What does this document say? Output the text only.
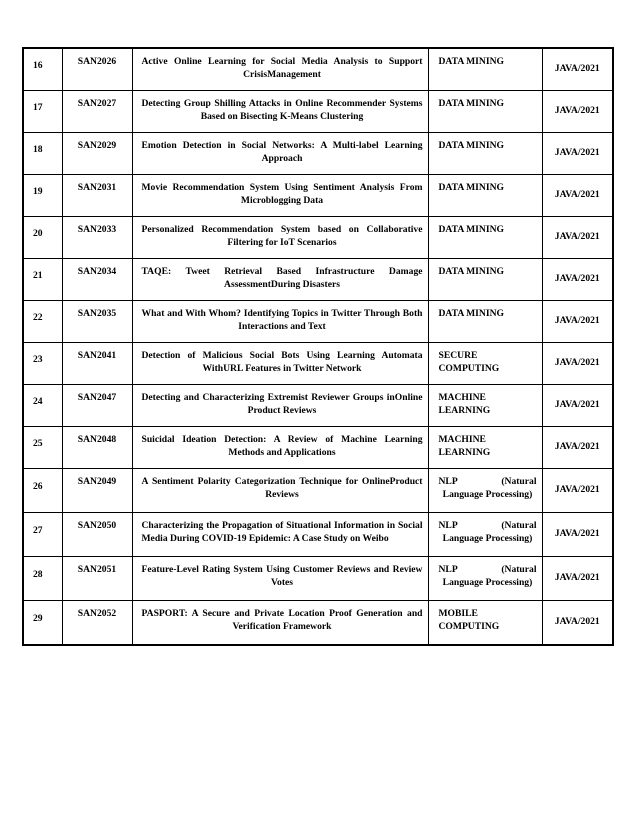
16	SAN2026	Active Online Learning for Social Media Analysis to Support CrisisManagement	DATA MINING	JAVA/2021
17	SAN2027	Detecting Group Shilling Attacks in Online Recommender Systems Based on Bisecting K-Means Clustering	DATA MINING	JAVA/2021
18	SAN2029	Emotion Detection in Social Networks: A Multi-label Learning Approach	DATA MINING	JAVA/2021
19	SAN2031	Movie Recommendation System Using Sentiment Analysis From Microblogging Data	DATA MINING	JAVA/2021
20	SAN2033	Personalized Recommendation System based on Collaborative Filtering for IoT Scenarios	DATA MINING	JAVA/2021
21	SAN2034	TAQE: Tweet Retrieval Based Infrastructure Damage AssessmentDuring Disasters	DATA MINING	JAVA/2021
22	SAN2035	What and With Whom? Identifying Topics in Twitter Through Both Interactions and Text	DATA MINING	JAVA/2021
23	SAN2041	Detection of Malicious Social Bots Using Learning Automata WithURL Features in Twitter Network	SECURE COMPUTING	JAVA/2021
24	SAN2047	Detecting and Characterizing Extremist Reviewer Groups inOnline Product Reviews	MACHINE LEARNING	JAVA/2021
25	SAN2048	Suicidal Ideation Detection: A Review of Machine Learning Methods and Applications	MACHINE LEARNING	JAVA/2021
26	SAN2049	A Sentiment Polarity Categorization Technique for OnlineProduct Reviews	NLP (Natural Language Processing)	JAVA/2021
27	SAN2050	Characterizing the Propagation of Situational Information in Social Media During COVID-19 Epidemic: A Case Study on Weibo	NLP (Natural Language Processing)	JAVA/2021
28	SAN2051	Feature-Level Rating System Using Customer Reviews and Review Votes	NLP (Natural Language Processing)	JAVA/2021
29	SAN2052	PASPORT: A Secure and Private Location Proof Generation and Verification Framework	MOBILE COMPUTING	JAVA/2021
